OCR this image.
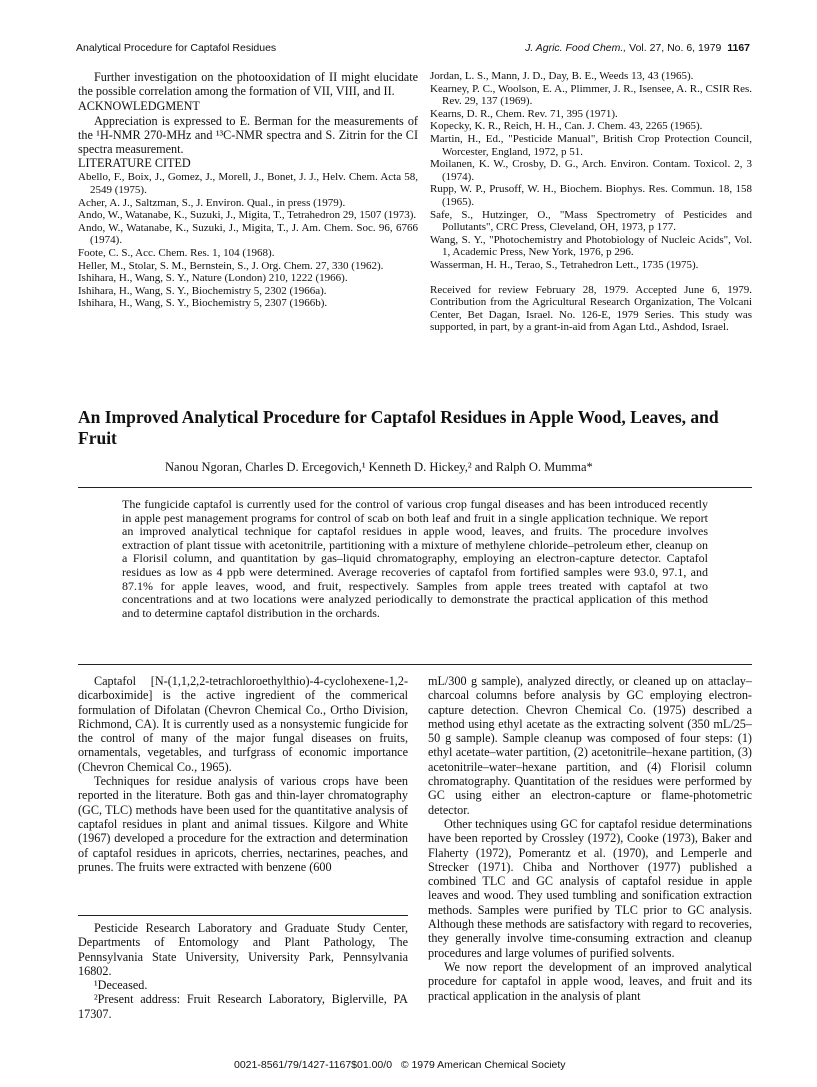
Analytical Procedure for Captafol Residues	J. Agric. Food Chem., Vol. 27, No. 6, 1979 1167

Further investigation on the photooxidation of II might elucidate the possible correlation among the formation of VII, VIII, and II.

ACKNOWLEDGMENT

Appreciation is expressed to E. Berman for the measurements of the ¹H-NMR 270-MHz and ¹³C-NMR spectra and S. Zitrin for the CI spectra measurement.

LITERATURE CITED

Abello, F., Boix, J., Gomez, J., Morell, J., Bonet, J. J., Helv. Chem. Acta 58, 2549 (1975).

Acher, A. J., Saltzman, S., J. Environ. Qual., in press (1979).

Ando, W., Watanabe, K., Suzuki, J., Migita, T., Tetrahedron 29, 1507 (1973).

Ando, W., Watanabe, K., Suzuki, J., Migita, T., J. Am. Chem. Soc. 96, 6766 (1974).

Foote, C. S., Acc. Chem. Res. 1, 104 (1968).

Heller, M., Stolar, S. M., Bernstein, S., J. Org. Chem. 27, 330 (1962).

Ishihara, H., Wang, S. Y., Nature (London) 210, 1222 (1966).

Ishihara, H., Wang, S. Y., Biochemistry 5, 2302 (1966a).

Ishihara, H., Wang, S. Y., Biochemistry 5, 2307 (1966b).

Jordan, L. S., Mann, J. D., Day, B. E., Weeds 13, 43 (1965).

Kearney, P. C., Woolson, E. A., Plimmer, J. R., Isensee, A. R., CSIR Res. Rev. 29, 137 (1969).

Kearns, D. R., Chem. Rev. 71, 395 (1971).

Kopecky, K. R., Reich, H. H., Can. J. Chem. 43, 2265 (1965).

Martin, H., Ed., "Pesticide Manual", British Crop Protection Council, Worcester, England, 1972, p 51.

Moilanen, K. W., Crosby, D. G., Arch. Environ. Contam. Toxicol. 2, 3 (1974).

Rupp, W. P., Prusoff, W. H., Biochem. Biophys. Res. Commun. 18, 158 (1965).

Safe, S., Hutzinger, O., "Mass Spectrometry of Pesticides and Pollutants", CRC Press, Cleveland, OH, 1973, p 177.

Wang, S. Y., "Photochemistry and Photobiology of Nucleic Acids", Vol. 1, Academic Press, New York, 1976, p 296.

Wasserman, H. H., Terao, S., Tetrahedron Lett., 1735 (1975).

Received for review February 28, 1979. Accepted June 6, 1979. Contribution from the Agricultural Research Organization, The Volcani Center, Bet Dagan, Israel. No. 126-E, 1979 Series. This study was supported, in part, by a grant-in-aid from Agan Ltd., Ashdod, Israel.

An Improved Analytical Procedure for Captafol Residues in Apple Wood, Leaves, and Fruit
Nanou Ngoran, Charles D. Ercegovich,¹ Kenneth D. Hickey,² and Ralph O. Mumma*
The fungicide captafol is currently used for the control of various crop fungal diseases and has been introduced recently in apple pest management programs for control of scab on both leaf and fruit in a single application technique. We report an improved analytical technique for captafol residues in apple wood, leaves, and fruits. The procedure involves extraction of plant tissue with acetonitrile, partitioning with a mixture of methylene chloride–petroleum ether, cleanup on a Florisil column, and quantitation by gas–liquid chromatography, employing an electron-capture detector. Captafol residues as low as 4 ppb were determined. Average recoveries of captafol from fortified samples were 93.0, 97.1, and 87.1% for apple leaves, wood, and fruit, respectively. Samples from apple trees treated with captafol at two concentrations and at two locations were analyzed periodically to demonstrate the practical application of this method and to determine captafol distribution in the orchards.

Captafol [N-(1,1,2,2-tetrachloroethylthio)-4-cyclohexene-1,2-dicarboximide] is the active ingredient of the commerical formulation of Difolatan (Chevron Chemical Co., Ortho Division, Richmond, CA). It is currently used as a nonsystemic fungicide for the control of many of the major fungal diseases on fruits, ornamentals, vegetables, and turfgrass of economic importance (Chevron Chemical Co., 1965).

Techniques for residue analysis of various crops have been reported in the literature. Both gas and thin-layer chromatography (GC, TLC) methods have been used for the quantitative analysis of captafol residues in plant and animal tissues. Kilgore and White (1967) developed a procedure for the extraction and determination of captafol residues in apricots, cherries, nectarines, peaches, and prunes. The fruits were extracted with benzene (600

Pesticide Research Laboratory and Graduate Study Center, Departments of Entomology and Plant Pathology, The Pennsylvania State University, University Park, Pennsylvania 16802.

¹Deceased.

²Present address: Fruit Research Laboratory, Biglerville, PA 17307.

mL/300 g sample), analyzed directly, or cleaned up on attaclay–charcoal columns before analysis by GC employing electron-capture detection. Chevron Chemical Co. (1975) described a method using ethyl acetate as the extracting solvent (350 mL/25–50 g sample). Sample cleanup was composed of four steps: (1) ethyl acetate–water partition, (2) acetonitrile–hexane partition, (3) acetonitrile–water–hexane partition, and (4) Florisil column chromatography. Quantitation of the residues were performed by GC using either an electron-capture or flame-photometric detector.

Other techniques using GC for captafol residue determinations have been reported by Crossley (1972), Cooke (1973), Baker and Flaherty (1972), Pomerantz et al. (1970), and Lemperle and Strecker (1971). Chiba and Northover (1977) published a combined TLC and GC analysis of captafol residue in apple leaves and wood. They used tumbling and sonification extraction methods. Samples were purified by TLC prior to GC analysis. Although these methods are satisfactory with regard to recoveries, they generally involve time-consuming extraction and cleanup procedures and large volumes of purified solvents.

We now report the development of an improved analytical procedure for captafol in apple wood, leaves, and fruit and its practical application in the analysis of plant

0021-8561/79/1427-1167$01.00/0 © 1979 American Chemical Society
